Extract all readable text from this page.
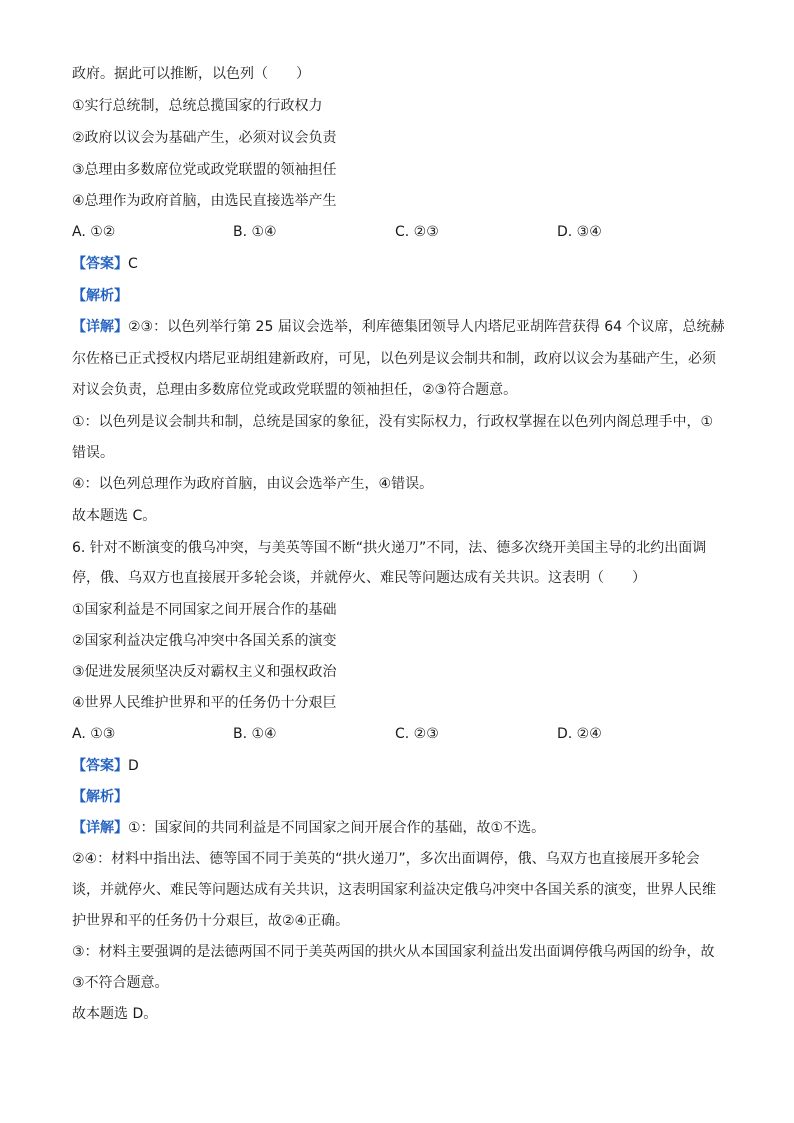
政府。据此可以推断，以色列（　　）
①实行总统制，总统总揽国家的行政权力
②政府以议会为基础产生，必须对议会负责
③总理由多数席位党或政党联盟的领袖担任
④总理作为政府首脑，由选民直接选举产生
A. ①②	B. ①④	C. ②③	D. ③④
【答案】C
【解析】
【详解】②③：以色列举行第 25 届议会选举，利库德集团领导人内塔尼亚胡阵营获得 64 个议席，总统赫
尔佐格已正式授权内塔尼亚胡组建新政府，可见，以色列是议会制共和制，政府以议会为基础产生，必须
对议会负责，总理由多数席位党或政党联盟的领袖担任，②③符合题意。
①：以色列是议会制共和制，总统是国家的象征，没有实际权力，行政权掌握在以色列内阁总理手中，①
错误。
④：以色列总理作为政府首脑，由议会选举产生，④错误。
故本题选 C。
6. 针对不断演变的俄乌冲突，与美英等国不断“拱火递刀”不同，法、德多次绕开美国主导的北约出面调
停，俄、乌双方也直接展开多轮会谈，并就停火、难民等问题达成有关共识。这表明（　　）
①国家利益是不同国家之间开展合作的基础
②国家利益决定俄乌冲突中各国关系的演变
③促进发展须坚决反对霸权主义和强权政治
④世界人民维护世界和平的任务仍十分艰巨
A. ①③	B. ①④	C. ②③	D. ②④
【答案】D
【解析】
【详解】①：国家间的共同利益是不同国家之间开展合作的基础，故①不选。
②④：材料中指出法、德等国不同于美英的“拱火递刀”，多次出面调停，俄、乌双方也直接展开多轮会
谈，并就停火、难民等问题达成有关共识，这表明国家利益决定俄乌冲突中各国关系的演变，世界人民维
护世界和平的任务仍十分艰巨，故②④正确。
③：材料主要强调的是法德两国不同于美英两国的拱火从本国国家利益出发出面调停俄乌两国的纷争，故
③不符合题意。
故本题选 D。
